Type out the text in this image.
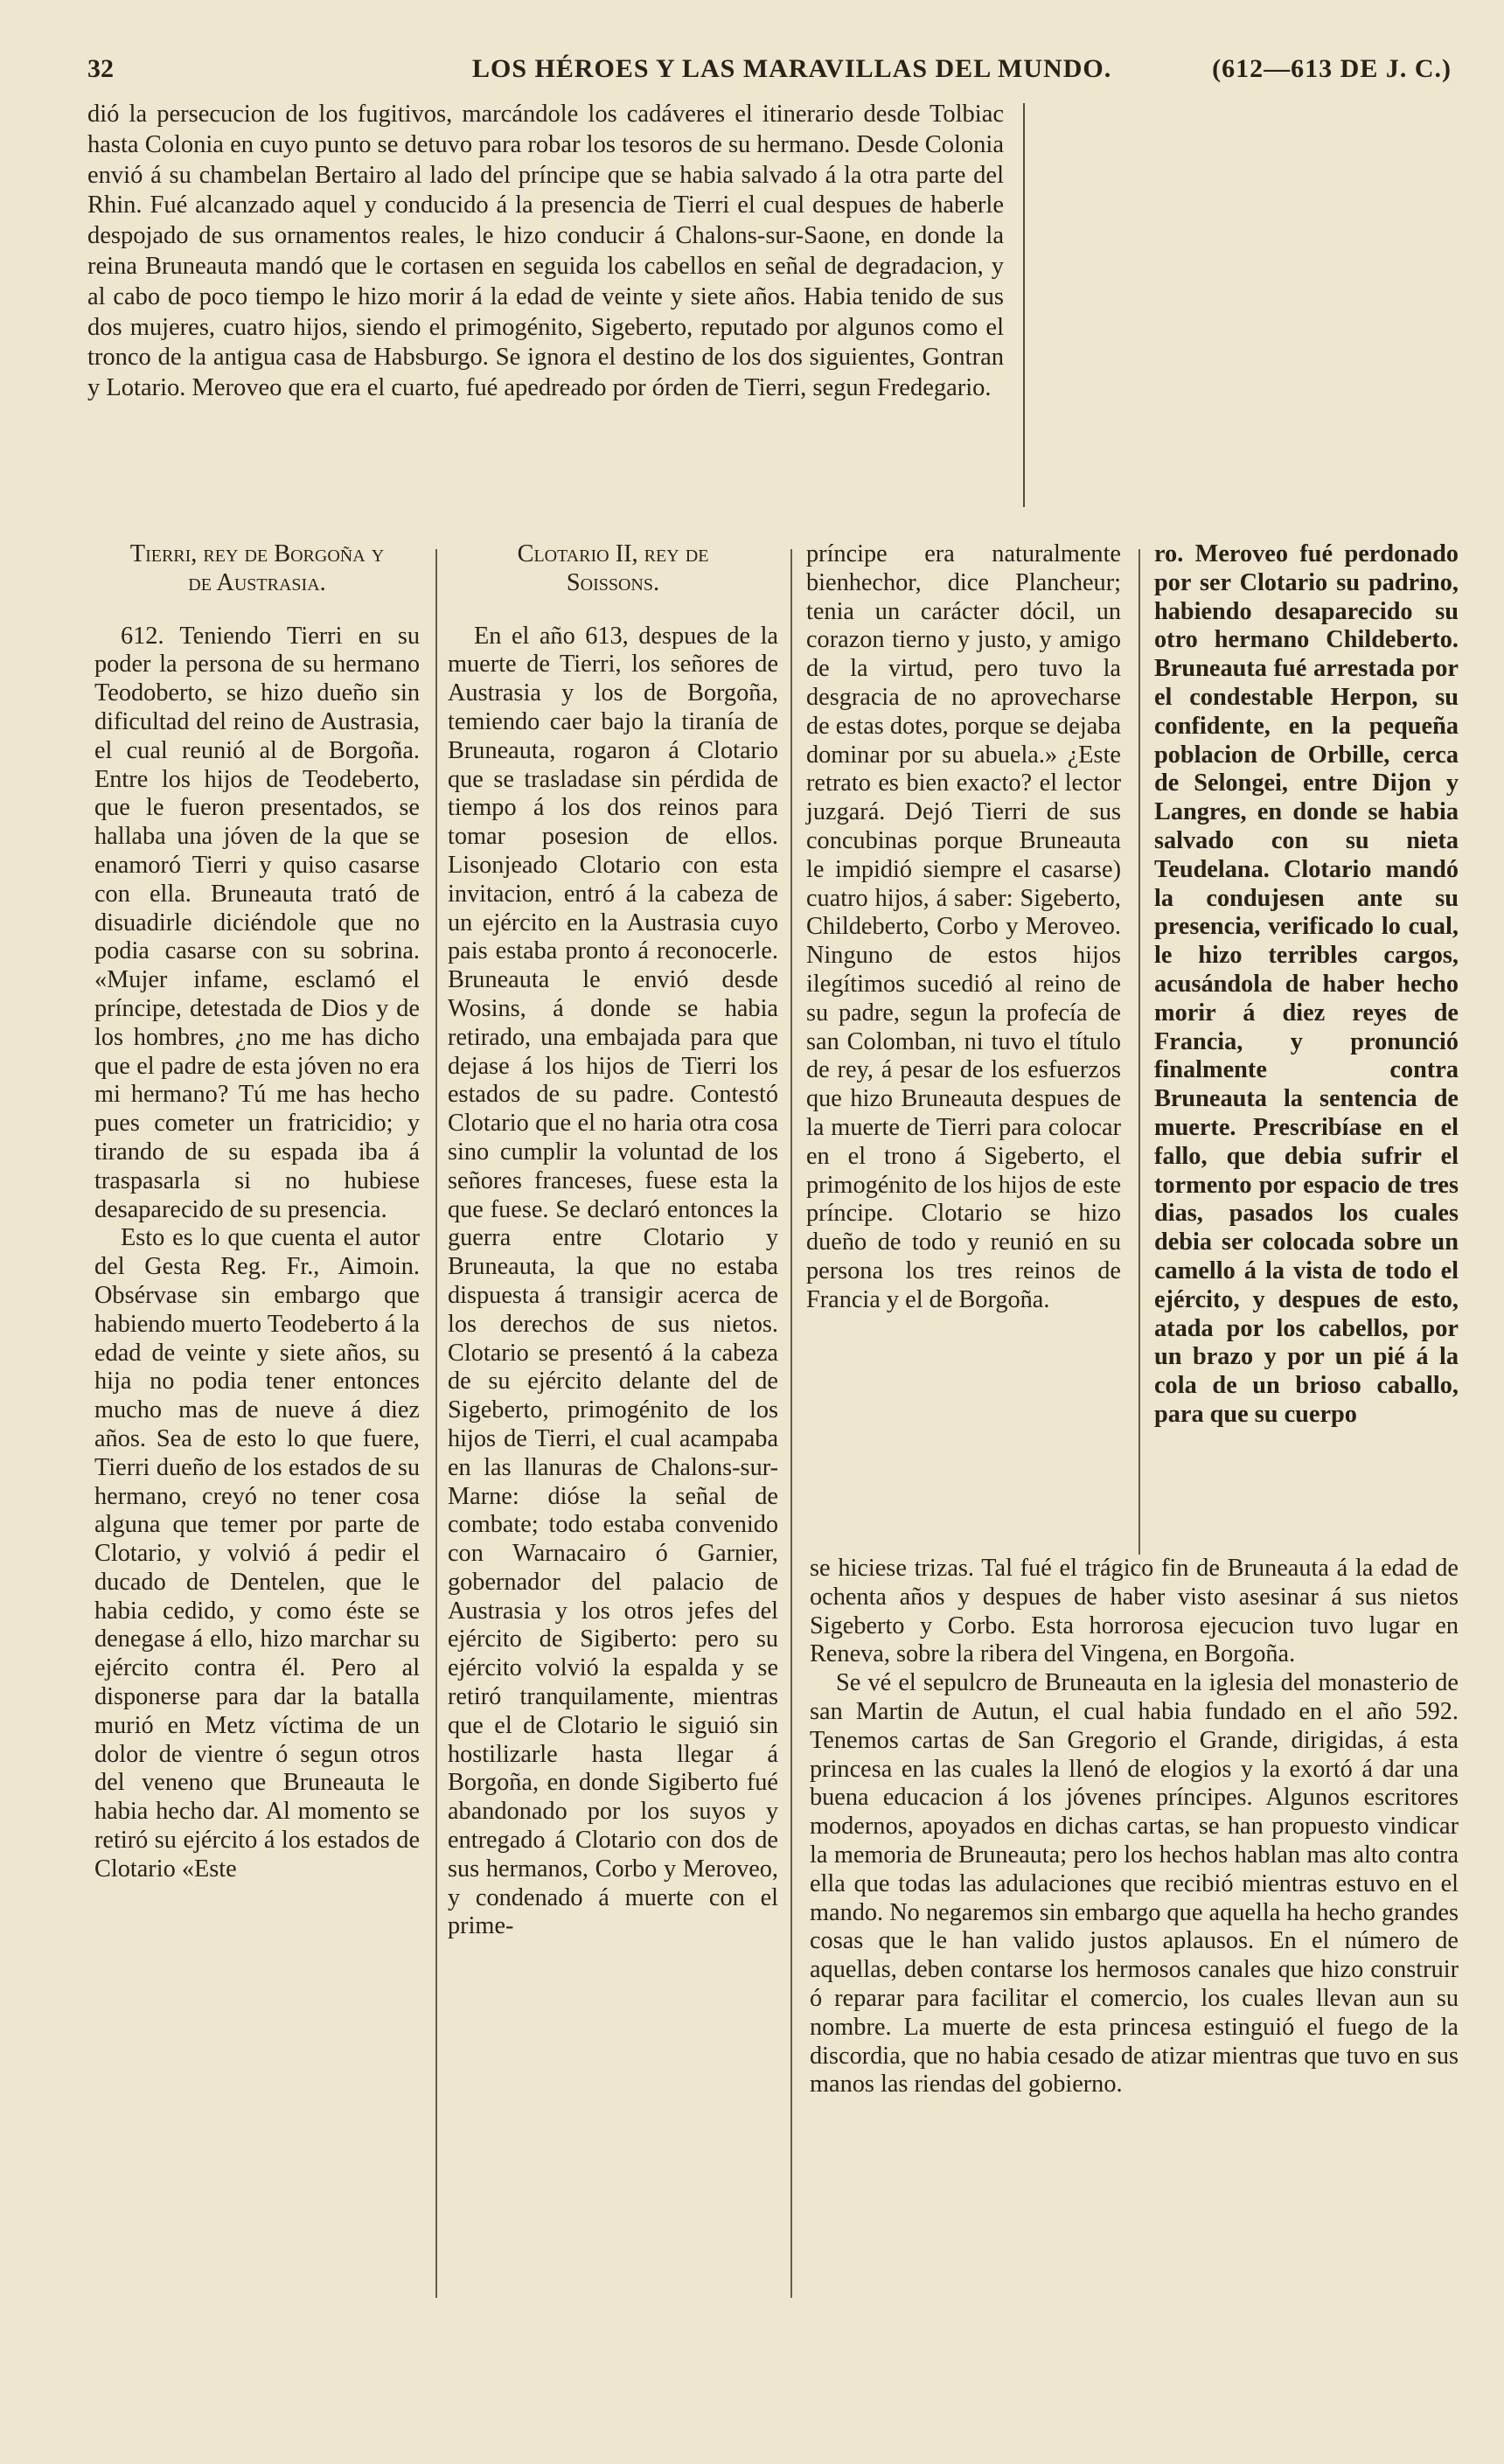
32	LOS HÉROES Y LAS MARAVILLAS DEL MUNDO.	(612—613 DE J. C.)

dió la persecucion de los fugitivos, marcándole los cadáveres el itinerario desde Tolbiac hasta Colonia en cuyo punto se detuvo para robar los tesoros de su hermano. Desde Colonia envió á su chambelan Bertairo al lado del príncipe que se habia salvado á la otra parte del Rhin. Fué alcanzado aquel y conducido á la presencia de Tierri el cual despues de haberle despojado de sus ornamentos reales, le hizo conducir á Chalons-sur-Saone, en donde la reina Bruneauta mandó que le cortasen en seguida los cabellos en señal de degradacion, y al cabo de poco tiempo le hizo morir á la edad de veinte y siete años. Habia tenido de sus dos mujeres, cuatro hijos, siendo el primogénito, Sigeberto, reputado por algunos como el tronco de la antigua casa de Habsburgo. Se ignora el destino de los dos siguientes, Gontran y Lotario. Meroveo que era el cuarto, fué apedreado por órden de Tierri, segun Fredegario.

Tierri, rey de Borgoña y
de Austrasia.

612. Teniendo Tierri en su poder la persona de su hermano Teodoberto, se hizo dueño sin dificultad del reino de Austrasia, el cual reunió al de Borgoña. Entre los hijos de Teodeberto, que le fueron presentados, se hallaba una jóven de la que se enamoró Tierri y quiso casarse con ella. Bruneauta trató de disuadirle diciéndole que no podia casarse con su sobrina. «Mujer infame, esclamó el príncipe, detestada de Dios y de los hombres, ¿no me has dicho que el padre de esta jóven no era mi hermano? Tú me has hecho pues cometer un fratricidio; y tirando de su espada iba á traspasarla si no hubiese desaparecido de su presencia.

Esto es lo que cuenta el autor del Gesta Reg. Fr., Aimoin. Obsérvase sin embargo que habiendo muerto Teodeberto á la edad de veinte y siete años, su hija no podia tener entonces mucho mas de nueve á diez años. Sea de esto lo que fuere, Tierri dueño de los estados de su hermano, creyó no tener cosa alguna que temer por parte de Clotario, y volvió á pedir el ducado de Dentelen, que le habia cedido, y como éste se denegase á ello, hizo marchar su ejército contra él. Pero al disponerse para dar la batalla murió en Metz víctima de un dolor de vientre ó segun otros del veneno que Bruneauta le habia hecho dar. Al momento se retiró su ejército á los estados de Clotario «Este

Clotario II, rey de
Soissons.

En el año 613, despues de la muerte de Tierri, los señores de Austrasia y los de Borgoña, temiendo caer bajo la tiranía de Bruneauta, rogaron á Clotario que se trasladase sin pérdida de tiempo á los dos reinos para tomar posesion de ellos. Lisonjeado Clotario con esta invitacion, entró á la cabeza de un ejército en la Austrasia cuyo pais estaba pronto á reconocerle. Bruneauta le envió desde Wosins, á donde se habia retirado, una embajada para que dejase á los hijos de Tierri los estados de su padre. Contestó Clotario que el no haria otra cosa sino cumplir la voluntad de los señores franceses, fuese esta la que fuese. Se declaró entonces la guerra entre Clotario y Bruneauta, la que no estaba dispuesta á transigir acerca de los derechos de sus nietos. Clotario se presentó á la cabeza de su ejército delante del de Sigeberto, primogénito de los hijos de Tierri, el cual acampaba en las llanuras de Chalons-sur-Marne: dióse la señal de combate; todo estaba convenido con Warnacairo ó Garnier, gobernador del palacio de Austrasia y los otros jefes del ejército de Sigiberto: pero su ejército volvió la espalda y se retiró tranquilamente, mientras que el de Clotario le siguió sin hostilizarle hasta llegar á Borgoña, en donde Sigiberto fué abandonado por los suyos y entregado á Clotario con dos de sus hermanos, Corbo y Meroveo, y condenado á muerte con el prime-

príncipe era naturalmente bienhechor, dice Plancheur; tenia un carácter dócil, un corazon tierno y justo, y amigo de la virtud, pero tuvo la desgracia de no aprovecharse de estas dotes, porque se dejaba dominar por su abuela.» ¿Este retrato es bien exacto? el lector juzgará. Dejó Tierri de sus concubinas porque Bruneauta le impidió siempre el casarse) cuatro hijos, á saber: Sigeberto, Childeberto, Corbo y Meroveo. Ninguno de estos hijos ilegítimos sucedió al reino de su padre, segun la profecía de san Colomban, ni tuvo el título de rey, á pesar de los esfuerzos que hizo Bruneauta despues de la muerte de Tierri para colocar en el trono á Sigeberto, el primogénito de los hijos de este príncipe. Clotario se hizo dueño de todo y reunió en su persona los tres reinos de Francia y el de Borgoña.

ro. Meroveo fué perdonado por ser Clotario su padrino, habiendo desaparecido su otro hermano Childeberto. Bruneauta fué arrestada por el condestable Herpon, su confidente, en la pequeña poblacion de Orbille, cerca de Selongei, entre Dijon y Langres, en donde se habia salvado con su nieta Teudelana. Clotario mandó la condujesen ante su presencia, verificado lo cual, le hizo terribles cargos, acusándola de haber hecho morir á diez reyes de Francia, y pronunció finalmente contra Bruneauta la sentencia de muerte. Prescribíase en el fallo, que debia sufrir el tormento por espacio de tres dias, pasados los cuales debia ser colocada sobre un camello á la vista de todo el ejército, y despues de esto, atada por los cabellos, por un brazo y por un pié á la cola de un brioso caballo, para que su cuerpo

se hiciese trizas. Tal fué el trágico fin de Bruneauta á la edad de ochenta años y despues de haber visto asesinar á sus nietos Sigeberto y Corbo. Esta horrorosa ejecucion tuvo lugar en Reneva, sobre la ribera del Vingena, en Borgoña.

Se vé el sepulcro de Bruneauta en la iglesia del monasterio de san Martin de Autun, el cual habia fundado en el año 592. Tenemos cartas de San Gregorio el Grande, dirigidas, á esta princesa en las cuales la llenó de elogios y la exortó á dar una buena educacion á los jóvenes príncipes. Algunos escritores modernos, apoyados en dichas cartas, se han propuesto vindicar la memoria de Bruneauta; pero los hechos hablan mas alto contra ella que todas las adulaciones que recibió mientras estuvo en el mando. No negaremos sin embargo que aquella ha hecho grandes cosas que le han valido justos aplausos. En el número de aquellas, deben contarse los hermosos canales que hizo construir ó reparar para facilitar el comercio, los cuales llevan aun su nombre. La muerte de esta princesa estinguió el fuego de la discordia, que no habia cesado de atizar mientras que tuvo en sus manos las riendas del gobierno.
